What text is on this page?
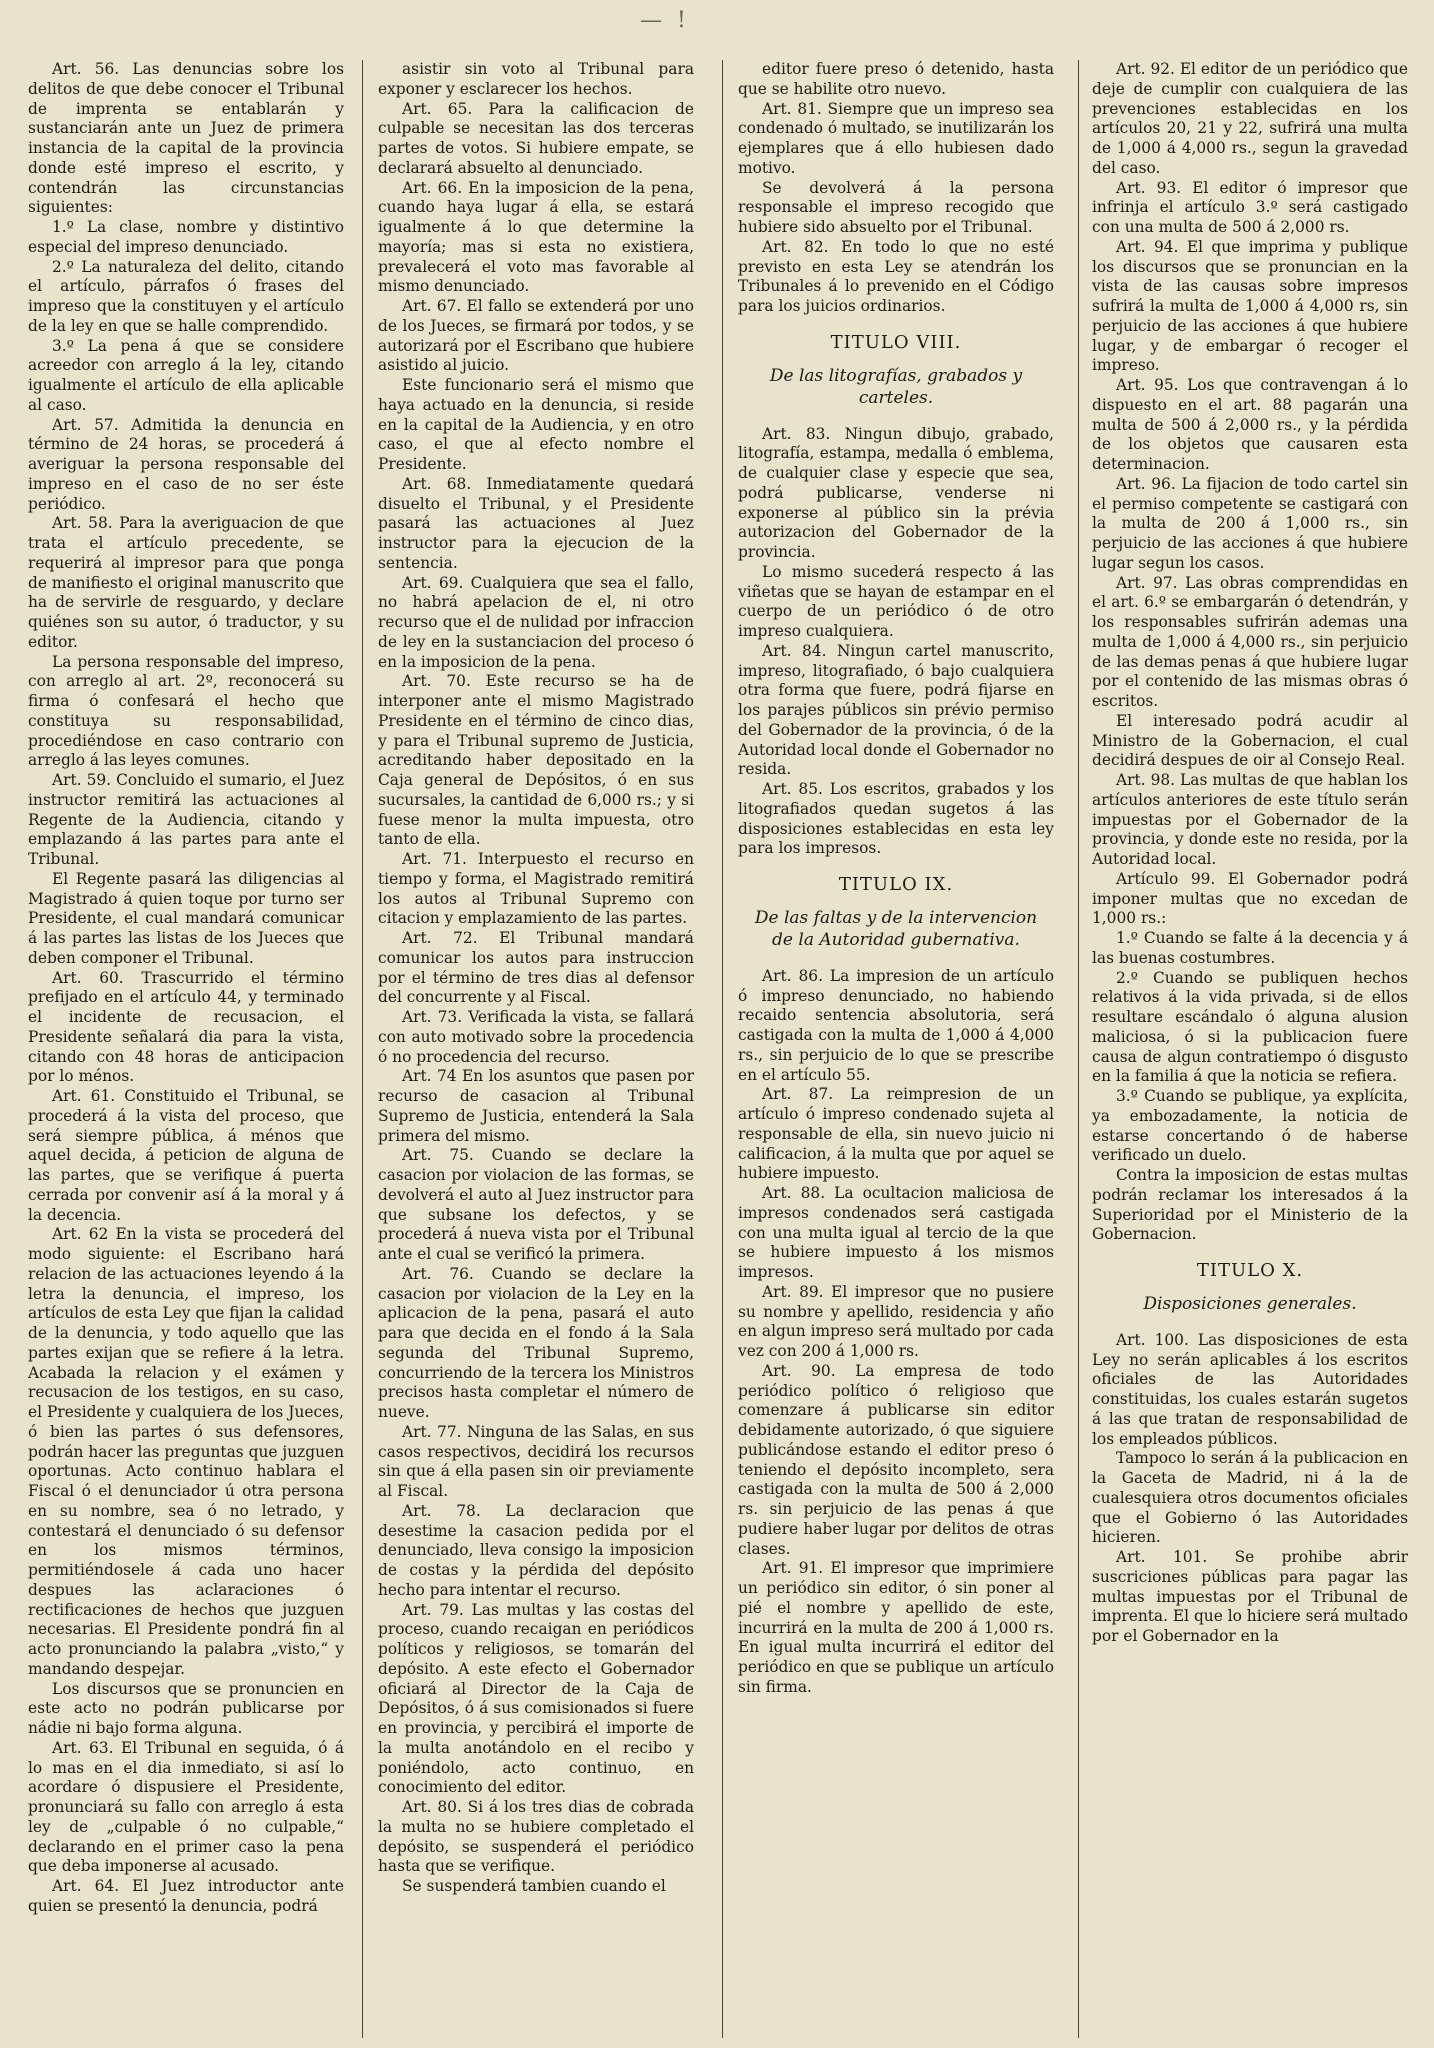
— !

Art. 56. Las denuncias sobre los delitos de que debe conocer el Tribunal de imprenta se entablarán y sustanciarán ante un Juez de primera instancia de la capital de la provincia donde esté impreso el escrito, y contendrán las circunstancias siguientes:

1.º La clase, nombre y distintivo especial del impreso denunciado.

2.º La naturaleza del delito, citando el artículo, párrafos ó frases del impreso que la constituyen y el artículo de la ley en que se halle comprendido.

3.º La pena á que se considere acreedor con arreglo á la ley, citando igualmente el artículo de ella aplicable al caso.

Art. 57. Admitida la denuncia en término de 24 horas, se procederá á averiguar la persona responsable del impreso en el caso de no ser éste periódico.

Art. 58. Para la averiguacion de que trata el artículo precedente, se requerirá al impresor para que ponga de manifiesto el original manuscrito que ha de servirle de resguardo, y declare quiénes son su autor, ó traductor, y su editor.

La persona responsable del impreso, con arreglo al art. 2º, reconocerá su firma ó confesará el hecho que constituya su responsabilidad, procediéndose en caso contrario con arreglo á las leyes comunes.

Art. 59. Concluido el sumario, el Juez instructor remitirá las actuaciones al Regente de la Audiencia, citando y emplazando á las partes para ante el Tribunal.

El Regente pasará las diligencias al Magistrado á quien toque por turno ser Presidente, el cual mandará comunicar á las partes las listas de los Jueces que deben componer el Tribunal.

Art. 60. Trascurrido el término prefijado en el artículo 44, y terminado el incidente de recusacion, el Presidente señalará dia para la vista, citando con 48 horas de anticipacion por lo ménos.

Art. 61. Constituido el Tribunal, se procederá á la vista del proceso, que será siempre pública, á ménos que aquel decida, á peticion de alguna de las partes, que se verifique á puerta cerrada por convenir así á la moral y á la decencia.

Art. 62 En la vista se procederá del modo siguiente: el Escribano hará relacion de las actuaciones leyendo á la letra la denuncia, el impreso, los artículos de esta Ley que fijan la calidad de la denuncia, y todo aquello que las partes exijan que se refiere á la letra. Acabada la relacion y el exámen y recusacion de los testigos, en su caso, el Presidente y cualquiera de los Jueces, ó bien las partes ó sus defensores, podrán hacer las preguntas que juzguen oportunas. Acto continuo hablara el Fiscal ó el denunciador ú otra persona en su nombre, sea ó no letrado, y contestará el denunciado ó su defensor en los mismos términos, permitiéndosele á cada uno hacer despues las aclaraciones ó rectificaciones de hechos que juzguen necesarias. El Presidente pondrá fin al acto pronunciando la palabra „visto,“ y mandando despejar.

Los discursos que se pronuncien en este acto no podrán publicarse por nádie ni bajo forma alguna.

Art. 63. El Tribunal en seguida, ó á lo mas en el dia inmediato, si así lo acordare ó dispusiere el Presidente, pronunciará su fallo con arreglo á esta ley de „culpable ó no culpable,“ declarando en el primer caso la pena que deba imponerse al acusado.

Art. 64. El Juez introductor ante quien se presentó la denuncia, podrá

asistir sin voto al Tribunal para exponer y esclarecer los hechos.

Art. 65. Para la calificacion de culpable se necesitan las dos terceras partes de votos. Si hubiere empate, se declarará absuelto al denunciado.

Art. 66. En la imposicion de la pena, cuando haya lugar á ella, se estará igualmente á lo que determine la mayoría; mas si esta no existiera, prevalecerá el voto mas favorable al mismo denunciado.

Art. 67. El fallo se extenderá por uno de los Jueces, se firmará por todos, y se autorizará por el Escribano que hubiere asistido al juicio.

Este funcionario será el mismo que haya actuado en la denuncia, si reside en la capital de la Audiencia, y en otro caso, el que al efecto nombre el Presidente.

Art. 68. Inmediatamente quedará disuelto el Tribunal, y el Presidente pasará las actuaciones al Juez instructor para la ejecucion de la sentencia.

Art. 69. Cualquiera que sea el fallo, no habrá apelacion de el, ni otro recurso que el de nulidad por infraccion de ley en la sustanciacion del proceso ó en la imposicion de la pena.

Art. 70. Este recurso se ha de interponer ante el mismo Magistrado Presidente en el término de cinco dias, y para el Tribunal supremo de Justicia, acreditando haber depositado en la Caja general de Depósitos, ó en sus sucursales, la cantidad de 6,000 rs.; y si fuese menor la multa impuesta, otro tanto de ella.

Art. 71. Interpuesto el recurso en tiempo y forma, el Magistrado remitirá los autos al Tribunal Supremo con citacion y emplazamiento de las partes.

Art. 72. El Tribunal mandará comunicar los autos para instruccion por el término de tres dias al defensor del concurrente y al Fiscal.

Art. 73. Verificada la vista, se fallará con auto motivado sobre la procedencia ó no procedencia del recurso.

Art. 74 En los asuntos que pasen por recurso de casacion al Tribunal Supremo de Justicia, entenderá la Sala primera del mismo.

Art. 75. Cuando se declare la casacion por violacion de las formas, se devolverá el auto al Juez instructor para que subsane los defectos, y se procederá á nueva vista por el Tribunal ante el cual se verificó la primera.

Art. 76. Cuando se declare la casacion por violacion de la Ley en la aplicacion de la pena, pasará el auto para que decida en el fondo á la Sala segunda del Tribunal Supremo, concurriendo de la tercera los Ministros precisos hasta completar el número de nueve.

Art. 77. Ninguna de las Salas, en sus casos respectivos, decidirá los recursos sin que á ella pasen sin oir previamente al Fiscal.

Art. 78. La declaracion que desestime la casacion pedida por el denunciado, lleva consigo la imposicion de costas y la pérdida del depósito hecho para intentar el recurso.

Art. 79. Las multas y las costas del proceso, cuando recaigan en periódicos políticos y religiosos, se tomarán del depósito. A este efecto el Gobernador oficiará al Director de la Caja de Depósitos, ó á sus comisionados si fuere en provincia, y percibirá el importe de la multa anotándolo en el recibo y poniéndolo, acto continuo, en conocimiento del editor.

Art. 80. Si á los tres dias de cobrada la multa no se hubiere completado el depósito, se suspenderá el periódico hasta que se verifique.

Se suspenderá tambien cuando el

editor fuere preso ó detenido, hasta que se habilite otro nuevo.

Art. 81. Siempre que un impreso sea condenado ó multado, se inutilizarán los ejemplares que á ello hubiesen dado motivo.

Se devolverá á la persona responsable el impreso recogido que hubiere sido absuelto por el Tribunal.

Art. 82. En todo lo que no esté previsto en esta Ley se atendrán los Tribunales á lo prevenido en el Código para los juicios ordinarios.

TITULO VIII.

De las litografías, grabados y carteles.

Art. 83. Ningun dibujo, grabado, litografía, estampa, medalla ó emblema, de cualquier clase y especie que sea, podrá publicarse, venderse ni exponerse al público sin la prévia autorizacion del Gobernador de la provincia.

Lo mismo sucederá respecto á las viñetas que se hayan de estampar en el cuerpo de un periódico ó de otro impreso cualquiera.

Art. 84. Ningun cartel manuscrito, impreso, litografiado, ó bajo cualquiera otra forma que fuere, podrá fijarse en los parajes públicos sin prévio permiso del Gobernador de la provincia, ó de la Autoridad local donde el Gobernador no resida.

Art. 85. Los escritos, grabados y los litografiados quedan sugetos á las disposiciones establecidas en esta ley para los impresos.

TITULO IX.

De las faltas y de la intervencion de la Autoridad gubernativa.

Art. 86. La impresion de un artículo ó impreso denunciado, no habiendo recaido sentencia absolutoria, será castigada con la multa de 1,000 á 4,000 rs., sin perjuicio de lo que se prescribe en el artículo 55.

Art. 87. La reimpresion de un artículo ó impreso condenado sujeta al responsable de ella, sin nuevo juicio ni calificacion, á la multa que por aquel se hubiere impuesto.

Art. 88. La ocultacion maliciosa de impresos condenados será castigada con una multa igual al tercio de la que se hubiere impuesto á los mismos impresos.

Art. 89. El impresor que no pusiere su nombre y apellido, residencia y año en algun impreso será multado por cada vez con 200 á 1,000 rs.

Art. 90. La empresa de todo periódico político ó religioso que comenzare á publicarse sin editor debidamente autorizado, ó que siguiere publicándose estando el editor preso ó teniendo el depósito incompleto, sera castigada con la multa de 500 á 2,000 rs. sin perjuicio de las penas á que pudiere haber lugar por delitos de otras clases.

Art. 91. El impresor que imprimiere un periódico sin editor, ó sin poner al pié el nombre y apellido de este, incurrirá en la multa de 200 á 1,000 rs. En igual multa incurrirá el editor del periódico en que se publique un artículo sin firma.

Art. 92. El editor de un periódico que deje de cumplir con cualquiera de las prevenciones establecidas en los artículos 20, 21 y 22, sufrirá una multa de 1,000 á 4,000 rs., segun la gravedad del caso.

Art. 93. El editor ó impresor que infrinja el artículo 3.º será castigado con una multa de 500 á 2,000 rs.

Art. 94. El que imprima y publique los discursos que se pronuncian en la vista de las causas sobre impresos sufrirá la multa de 1,000 á 4,000 rs, sin perjuicio de las acciones á que hubiere lugar, y de embargar ó recoger el impreso.

Art. 95. Los que contravengan á lo dispuesto en el art. 88 pagarán una multa de 500 á 2,000 rs., y la pérdida de los objetos que causaren esta determinacion.

Art. 96. La fijacion de todo cartel sin el permiso competente se castigará con la multa de 200 á 1,000 rs., sin perjuicio de las acciones á que hubiere lugar segun los casos.

Art. 97. Las obras comprendidas en el art. 6.º se embargarán ó detendrán, y los responsables sufrirán ademas una multa de 1,000 á 4,000 rs., sin perjuicio de las demas penas á que hubiere lugar por el contenido de las mismas obras ó escritos.

El interesado podrá acudir al Ministro de la Gobernacion, el cual decidirá despues de oir al Consejo Real.

Art. 98. Las multas de que hablan los artículos anteriores de este título serán impuestas por el Gobernador de la provincia, y donde este no resida, por la Autoridad local.

Artículo 99. El Gobernador podrá imponer multas que no excedan de 1,000 rs.:

1.º Cuando se falte á la decencia y á las buenas costumbres.

2.º Cuando se publiquen hechos relativos á la vida privada, si de ellos resultare escándalo ó alguna alusion maliciosa, ó si la publicacion fuere causa de algun contratiempo ó disgusto en la familia á que la noticia se refiera.

3.º Cuando se publique, ya explícita, ya embozadamente, la noticia de estarse concertando ó de haberse verificado un duelo.

Contra la imposicion de estas multas podrán reclamar los interesados á la Superioridad por el Ministerio de la Gobernacion.

TITULO X.

Disposiciones generales.

Art. 100. Las disposiciones de esta Ley no serán aplicables á los escritos oficiales de las Autoridades constituidas, los cuales estarán sugetos á las que tratan de responsabilidad de los empleados públicos.

Tampoco lo serán á la publicacion en la Gaceta de Madrid, ni á la de cualesquiera otros documentos oficiales que el Gobierno ó las Autoridades hicieren.

Art. 101. Se prohibe abrir suscriciones públicas para pagar las multas impuestas por el Tribunal de imprenta. El que lo hiciere será multado por el Gobernador en la
